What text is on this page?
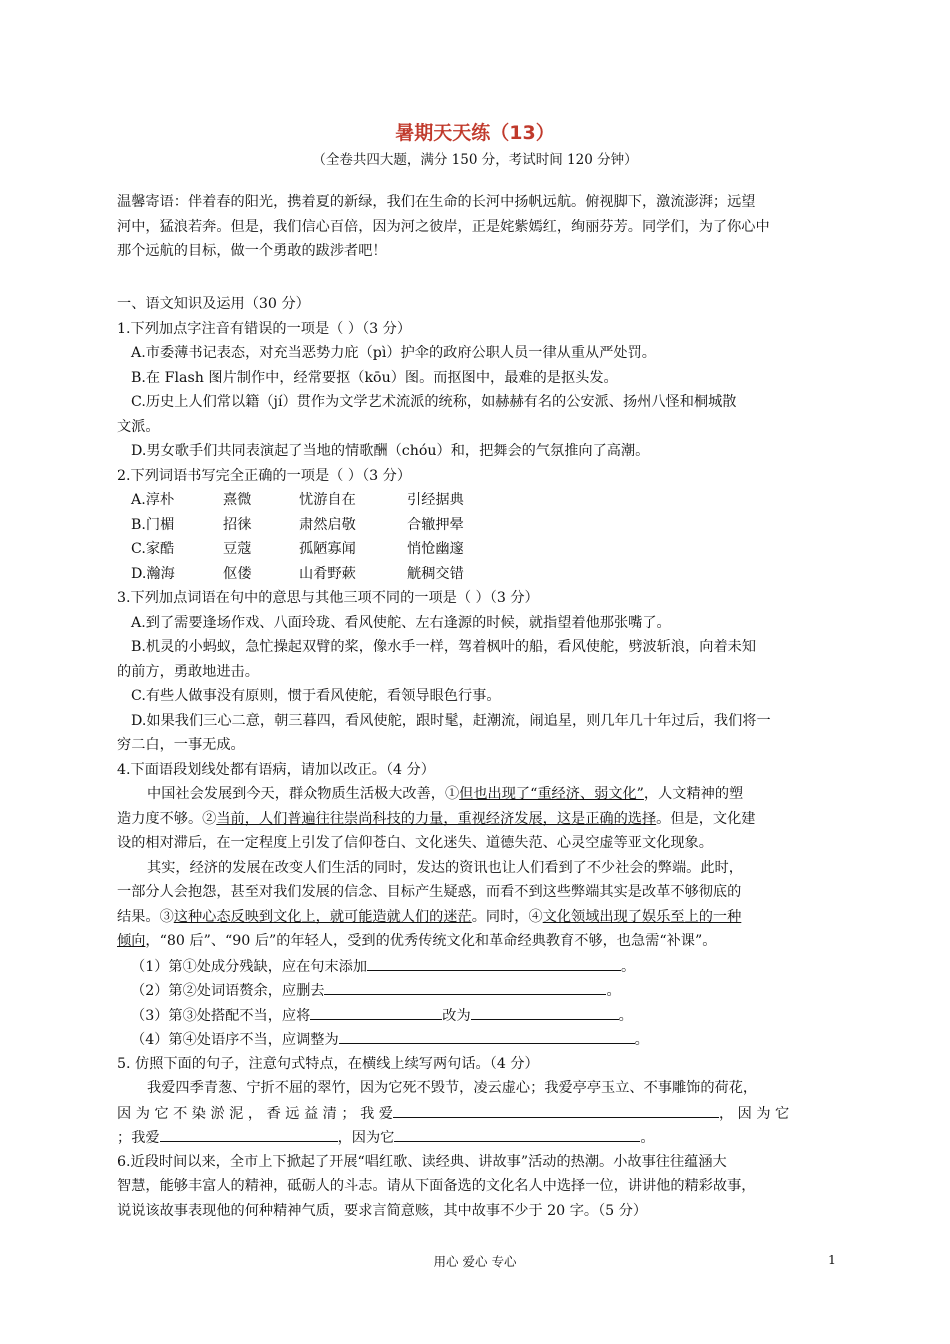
暑期天天练（13）
（全卷共四大题，满分 150 分，考试时间 120 分钟）
温馨寄语：伴着春的阳光，携着夏的新绿，我们在生命的长河中扬帆远航。俯视脚下，激流澎湃；远望
河中，猛浪若奔。但是，我们信心百倍，因为河之彼岸，正是姹紫嫣红，绚丽芬芳。同学们，为了你心中
那个远航的目标，做一个勇敢的跋涉者吧！
一、语文知识及运用（30 分）
1.下列加点字注音有错误的一项是（ ）（3 分）
A.市委薄书记表态，对充当恶势力庇（pì）护伞的政府公职人员一律从重从严处罚。
B.在 Flash 图片制作中，经常要抠（kōu）图。而抠图中，最难的是抠头发。
C.历史上人们常以籍（jí）贯作为文学艺术流派的统称，如赫赫有名的公安派、扬州八怪和桐城散
文派。
D.男女歌手们共同表演起了当地的情歌酬（chóu）和，把舞会的气氛推向了高潮。
2.下列词语书写完全正确的一项是（ ）（3 分）
A.淳朴	熹微	忧游自在	引经据典
B.门楣	招徕	肃然启敬	合辙押晕
C.家酷	豆蔻	孤陋寡闻	悄怆幽邃
D.瀚海	伛偻	山肴野蔌	觥稠交错
3.下列加点词语在句中的意思与其他三项不同的一项是（ ）（3 分）
A.到了需要逢场作戏、八面玲珑、看风使舵、左右逢源的时候，就指望着他那张嘴了。
B.机灵的小蚂蚁，急忙操起双臂的桨，像水手一样，驾着枫叶的船，看风使舵，劈波斩浪，向着未知
的前方，勇敢地进击。
C.有些人做事没有原则，惯于看风使舵，看领导眼色行事。
D.如果我们三心二意，朝三暮四，看风使舵，跟时髦，赶潮流，闹追星，则几年几十年过后，我们将一
穷二白，一事无成。
4.下面语段划线处都有语病，请加以改正。（4 分）
中国社会发展到今天，群众物质生活极大改善，①但也出现了“重经济、弱文化”，人文精神的塑
造力度不够。②当前，人们普遍往往崇尚科技的力量，重视经济发展，这是正确的选择。但是，文化建
设的相对滞后，在一定程度上引发了信仰苍白、文化迷失、道德失范、心灵空虚等亚文化现象。
其实，经济的发展在改变人们生活的同时，发达的资讯也让人们看到了不少社会的弊端。此时，
一部分人会抱怨，甚至对我们发展的信念、目标产生疑惑，而看不到这些弊端其实是改革不够彻底的
结果。③这种心态反映到文化上，就可能造就人们的迷茫。同时，④文化领域出现了娱乐至上的一种
倾向，“80 后”、“90 后”的年轻人，受到的优秀传统文化和革命经典教育不够，也急需“补课”。
（1）第①处成分残缺，应在句末添加	。
（2）第②处词语赘余，应删去	。
（3）第③处搭配不当，应将	改为	。
（4）第④处语序不当，应调整为	。
5. 仿照下面的句子，注意句式特点，在横线上续写两句话。（4 分）
我爱四季青葱、宁折不屈的翠竹，因为它死不毁节，凌云虚心；我爱亭亭玉立、不事雕饰的荷花，
因 为 它 不 染 淤 泥 ， 香 远 益 清 ； 我 爱	， 因 为 它
；我爱	，因为它	。
6.近段时间以来，全市上下掀起了开展“唱红歌、读经典、讲故事”活动的热潮。小故事往往蕴涵大
智慧，能够丰富人的精神，砥砺人的斗志。请从下面备选的文化名人中选择一位，讲讲他的精彩故事，
说说该故事表现他的何种精神气质，要求言简意赅，其中故事不少于 20 字。（5 分）
用心 爱心 专心	1
